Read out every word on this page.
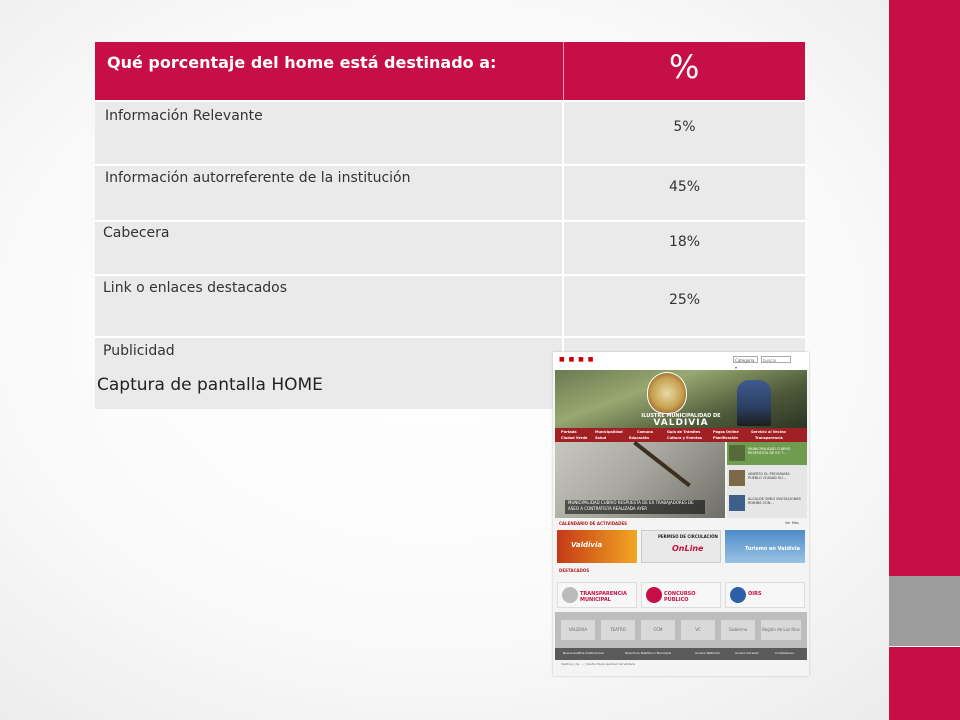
Qué porcentaje del home está destinado a:	%
Información Relevante	5%
Información autorreferente de la institución	45%
Cabecera	18%
Link o enlaces destacados	25%
Publicidad	
Captura de pantalla HOME
■ ■ ■ ■	Categoría ▾
buscar
ILUSTRE MUNICIPALIDAD DE
VALDIVIA
Portada	Municipalidad	Comuna	Guía de Trámites	Pagos Online	Servicio al Vecino
Ciudad Verde Salud	Educación	Cultura y Eventos	Planificación	Transparencia
MUNICIPALIDAD CUBRIÓ RESPUESTA DE EX TRABAJADORES DE ASEO A CONTRATISTA REALIZADA AYER
MUNICIPALIDAD CUBRIÓ RESPUESTA DE EX T...
ABIERTO EL PROGRAMA PUEBLO CIUDAD SU...
ALCALDE SIMIO INVITACIONES ROBINS CON...
CALENDARIO DE ACTIVIDADES	Ver Más
Valdivia
PERMISO DE CIRCULACIÓN
OnLine	Turismo en Valdivia
DESTACADOS
TRANSPARENCIA MUNICIPAL
CONCURSO PÚBLICO
OIRS
VALDIVIA	TEATRO	CCM	VC	Gobierno	Región de Los Ríos
Nueva Gráfica Institucional	Directorio Telefónico Municipal	Acceso Webmail	Acceso Intranet	Contáctenos
Valdivia | Av. ... | Ilustre Municipalidad de Valdivia
